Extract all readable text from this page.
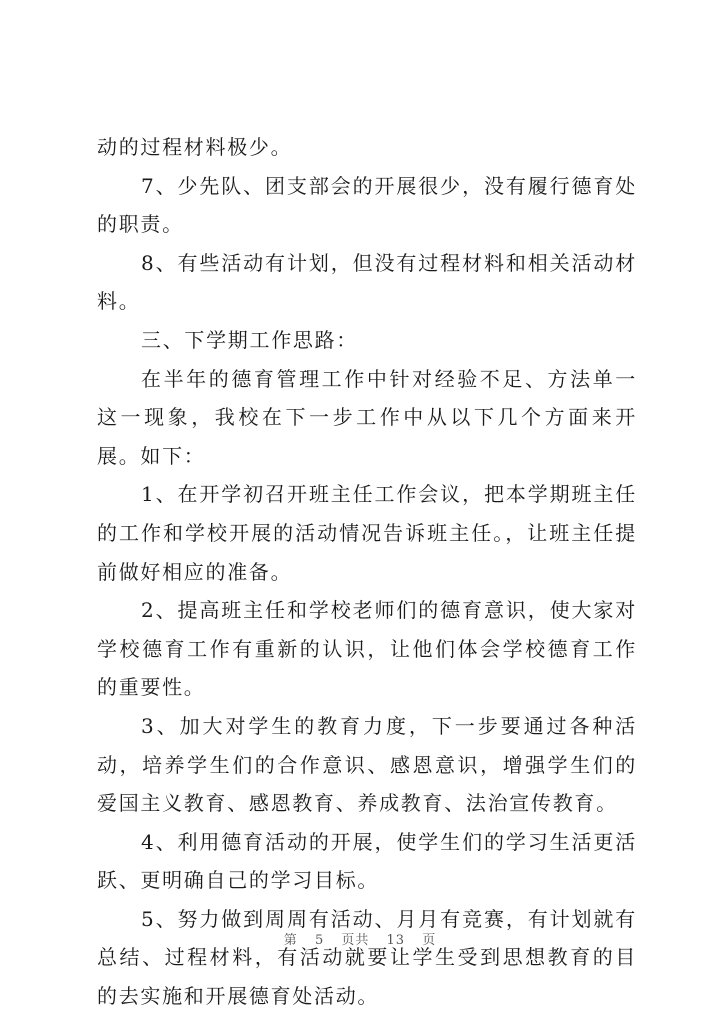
动的过程材料极少。

7、少先队、团支部会的开展很少，没有履行德育处的职责。

8、有些活动有计划，但没有过程材料和相关活动材料。

三、下学期工作思路：

在半年的德育管理工作中针对经验不足、方法单一这一现象，我校在下一步工作中从以下几个方面来开展。如下：

1、在开学初召开班主任工作会议，把本学期班主任的工作和学校开展的活动情况告诉班主任。，让班主任提前做好相应的准备。

2、提高班主任和学校老师们的德育意识，使大家对学校德育工作有重新的认识，让他们体会学校德育工作的重要性。

3、加大对学生的教育力度，下一步要通过各种活动，培养学生们的合作意识、感恩意识，增强学生们的爱国主义教育、感恩教育、养成教育、法治宣传教育。

4、利用德育活动的开展，使学生们的学习生活更活跃、更明确自己的学习目标。

5、努力做到周周有活动、月月有竞赛，有计划就有总结、过程材料，有活动就要让学生受到思想教育的目的去实施和开展德育处活动。

第 5 页共 13 页
